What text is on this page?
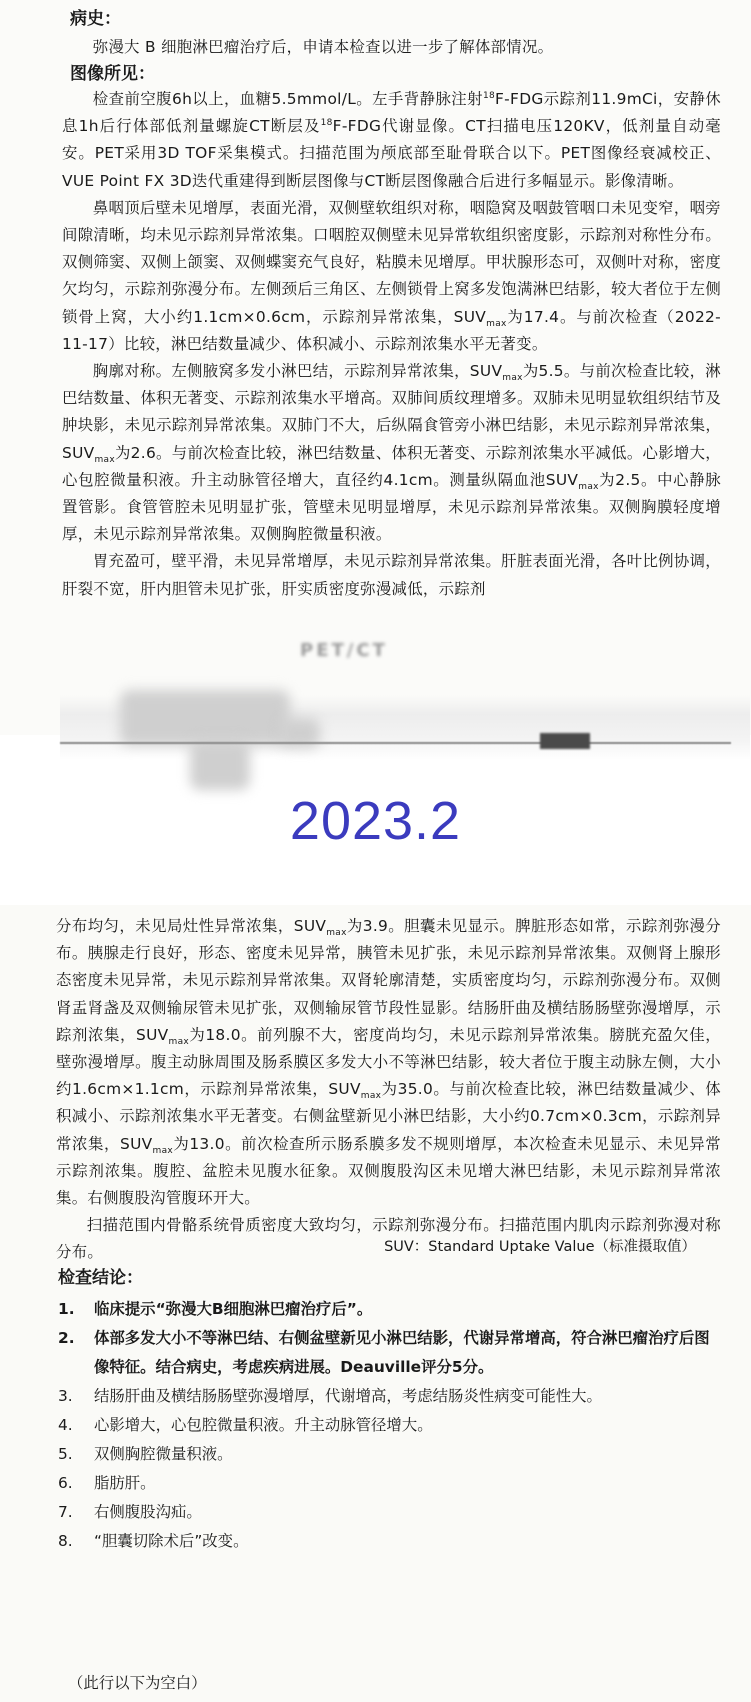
病史：

弥漫大 B 细胞淋巴瘤治疗后，申请本检查以进一步了解体部情况。

图像所见：

检查前空腹6h以上，血糖5.5mmol/L。左手背静脉注射$^{18}$F-FDG示踪剂11.9mCi，安静休息1h后行体部低剂量螺旋CT断层及$^{18}$F-FDG代谢显像。CT扫描电压120KV，低剂量自动毫安。PET采用3D TOF采集模式。扫描范围为颅底部至耻骨联合以下。PET图像经衰减校正、VUE Point FX 3D迭代重建得到断层图像与CT断层图像融合后进行多幅显示。影像清晰。

鼻咽顶后壁未见增厚，表面光滑，双侧壁软组织对称，咽隐窝及咽鼓管咽口未见变窄，咽旁间隙清晰，均未见示踪剂异常浓集。口咽腔双侧壁未见异常软组织密度影，示踪剂对称性分布。双侧筛窦、双侧上颌窦、双侧蝶窦充气良好，粘膜未见增厚。甲状腺形态可，双侧叶对称，密度欠均匀，示踪剂弥漫分布。左侧颈后三角区、左侧锁骨上窝多发饱满淋巴结影，较大者位于左侧锁骨上窝，大小约1.1cm×0.6cm，示踪剂异常浓集，$SUV_{max}$为17.4。与前次检查（2022-11-17）比较，淋巴结数量减少、体积减小、示踪剂浓集水平无著变。

胸廓对称。左侧腋窝多发小淋巴结，示踪剂异常浓集，$SUV_{max}$为5.5。与前次检查比较，淋巴结数量、体积无著变、示踪剂浓集水平增高。双肺间质纹理增多。双肺未见明显软组织结节及肿块影，未见示踪剂异常浓集。双肺门不大，后纵隔食管旁小淋巴结影，未见示踪剂异常浓集，$SUV_{max}$为2.6。与前次检查比较，淋巴结数量、体积无著变、示踪剂浓集水平减低。心影增大，心包腔微量积液。升主动脉管径增大，直径约4.1cm。测量纵隔血池$SUV_{max}$为2.5。中心静脉置管影。食管管腔未见明显扩张，管壁未见明显增厚，未见示踪剂异常浓集。双侧胸膜轻度增厚，未见示踪剂异常浓集。双侧胸腔微量积液。

胃充盈可，壁平滑，未见异常增厚，未见示踪剂异常浓集。肝脏表面光滑，各叶比例协调，肝裂不宽，肝内胆管未见扩张，肝实质密度弥漫减低，示踪剂

PET/CT
2023.2

分布均匀，未见局灶性异常浓集，$SUV_{max}$为3.9。胆囊未见显示。脾脏形态如常，示踪剂弥漫分布。胰腺走行良好，形态、密度未见异常，胰管未见扩张，未见示踪剂异常浓集。双侧肾上腺形态密度未见异常，未见示踪剂异常浓集。双肾轮廓清楚，实质密度均匀，示踪剂弥漫分布。双侧肾盂肾盏及双侧输尿管未见扩张，双侧输尿管节段性显影。结肠肝曲及横结肠肠壁弥漫增厚，示踪剂浓集，$SUV_{max}$为18.0。前列腺不大，密度尚均匀，未见示踪剂异常浓集。膀胱充盈欠佳，壁弥漫增厚。腹主动脉周围及肠系膜区多发大小不等淋巴结影，较大者位于腹主动脉左侧，大小约1.6cm×1.1cm，示踪剂异常浓集，$SUV_{max}$为35.0。与前次检查比较，淋巴结数量减少、体积减小、示踪剂浓集水平无著变。右侧盆壁新见小淋巴结影，大小约0.7cm×0.3cm，示踪剂异常浓集，$SUV_{max}$为13.0。前次检查所示肠系膜多发不规则增厚，本次检查未见显示、未见异常示踪剂浓集。腹腔、盆腔未见腹水征象。双侧腹股沟区未见增大淋巴结影，未见示踪剂异常浓集。右侧腹股沟管腹环开大。

扫描范围内骨骼系统骨质密度大致均匀，示踪剂弥漫分布。扫描范围内肌肉示踪剂弥漫对称分布。	SUV：Standard Uptake Value（标准摄取值）
检查结论：
1. 临床提示“弥漫大B细胞淋巴瘤治疗后”。
2. 体部多发大小不等淋巴结、右侧盆壁新见小淋巴结影，代谢异常增高，符合淋巴瘤治疗后图像特征。结合病史，考虑疾病进展。Deauville评分5分。
3. 结肠肝曲及横结肠肠壁弥漫增厚，代谢增高，考虑结肠炎性病变可能性大。
4. 心影增大，心包腔微量积液。升主动脉管径增大。
5. 双侧胸腔微量积液。
6. 脂肪肝。
7. 右侧腹股沟疝。
8. “胆囊切除术后”改变。
（此行以下为空白）
